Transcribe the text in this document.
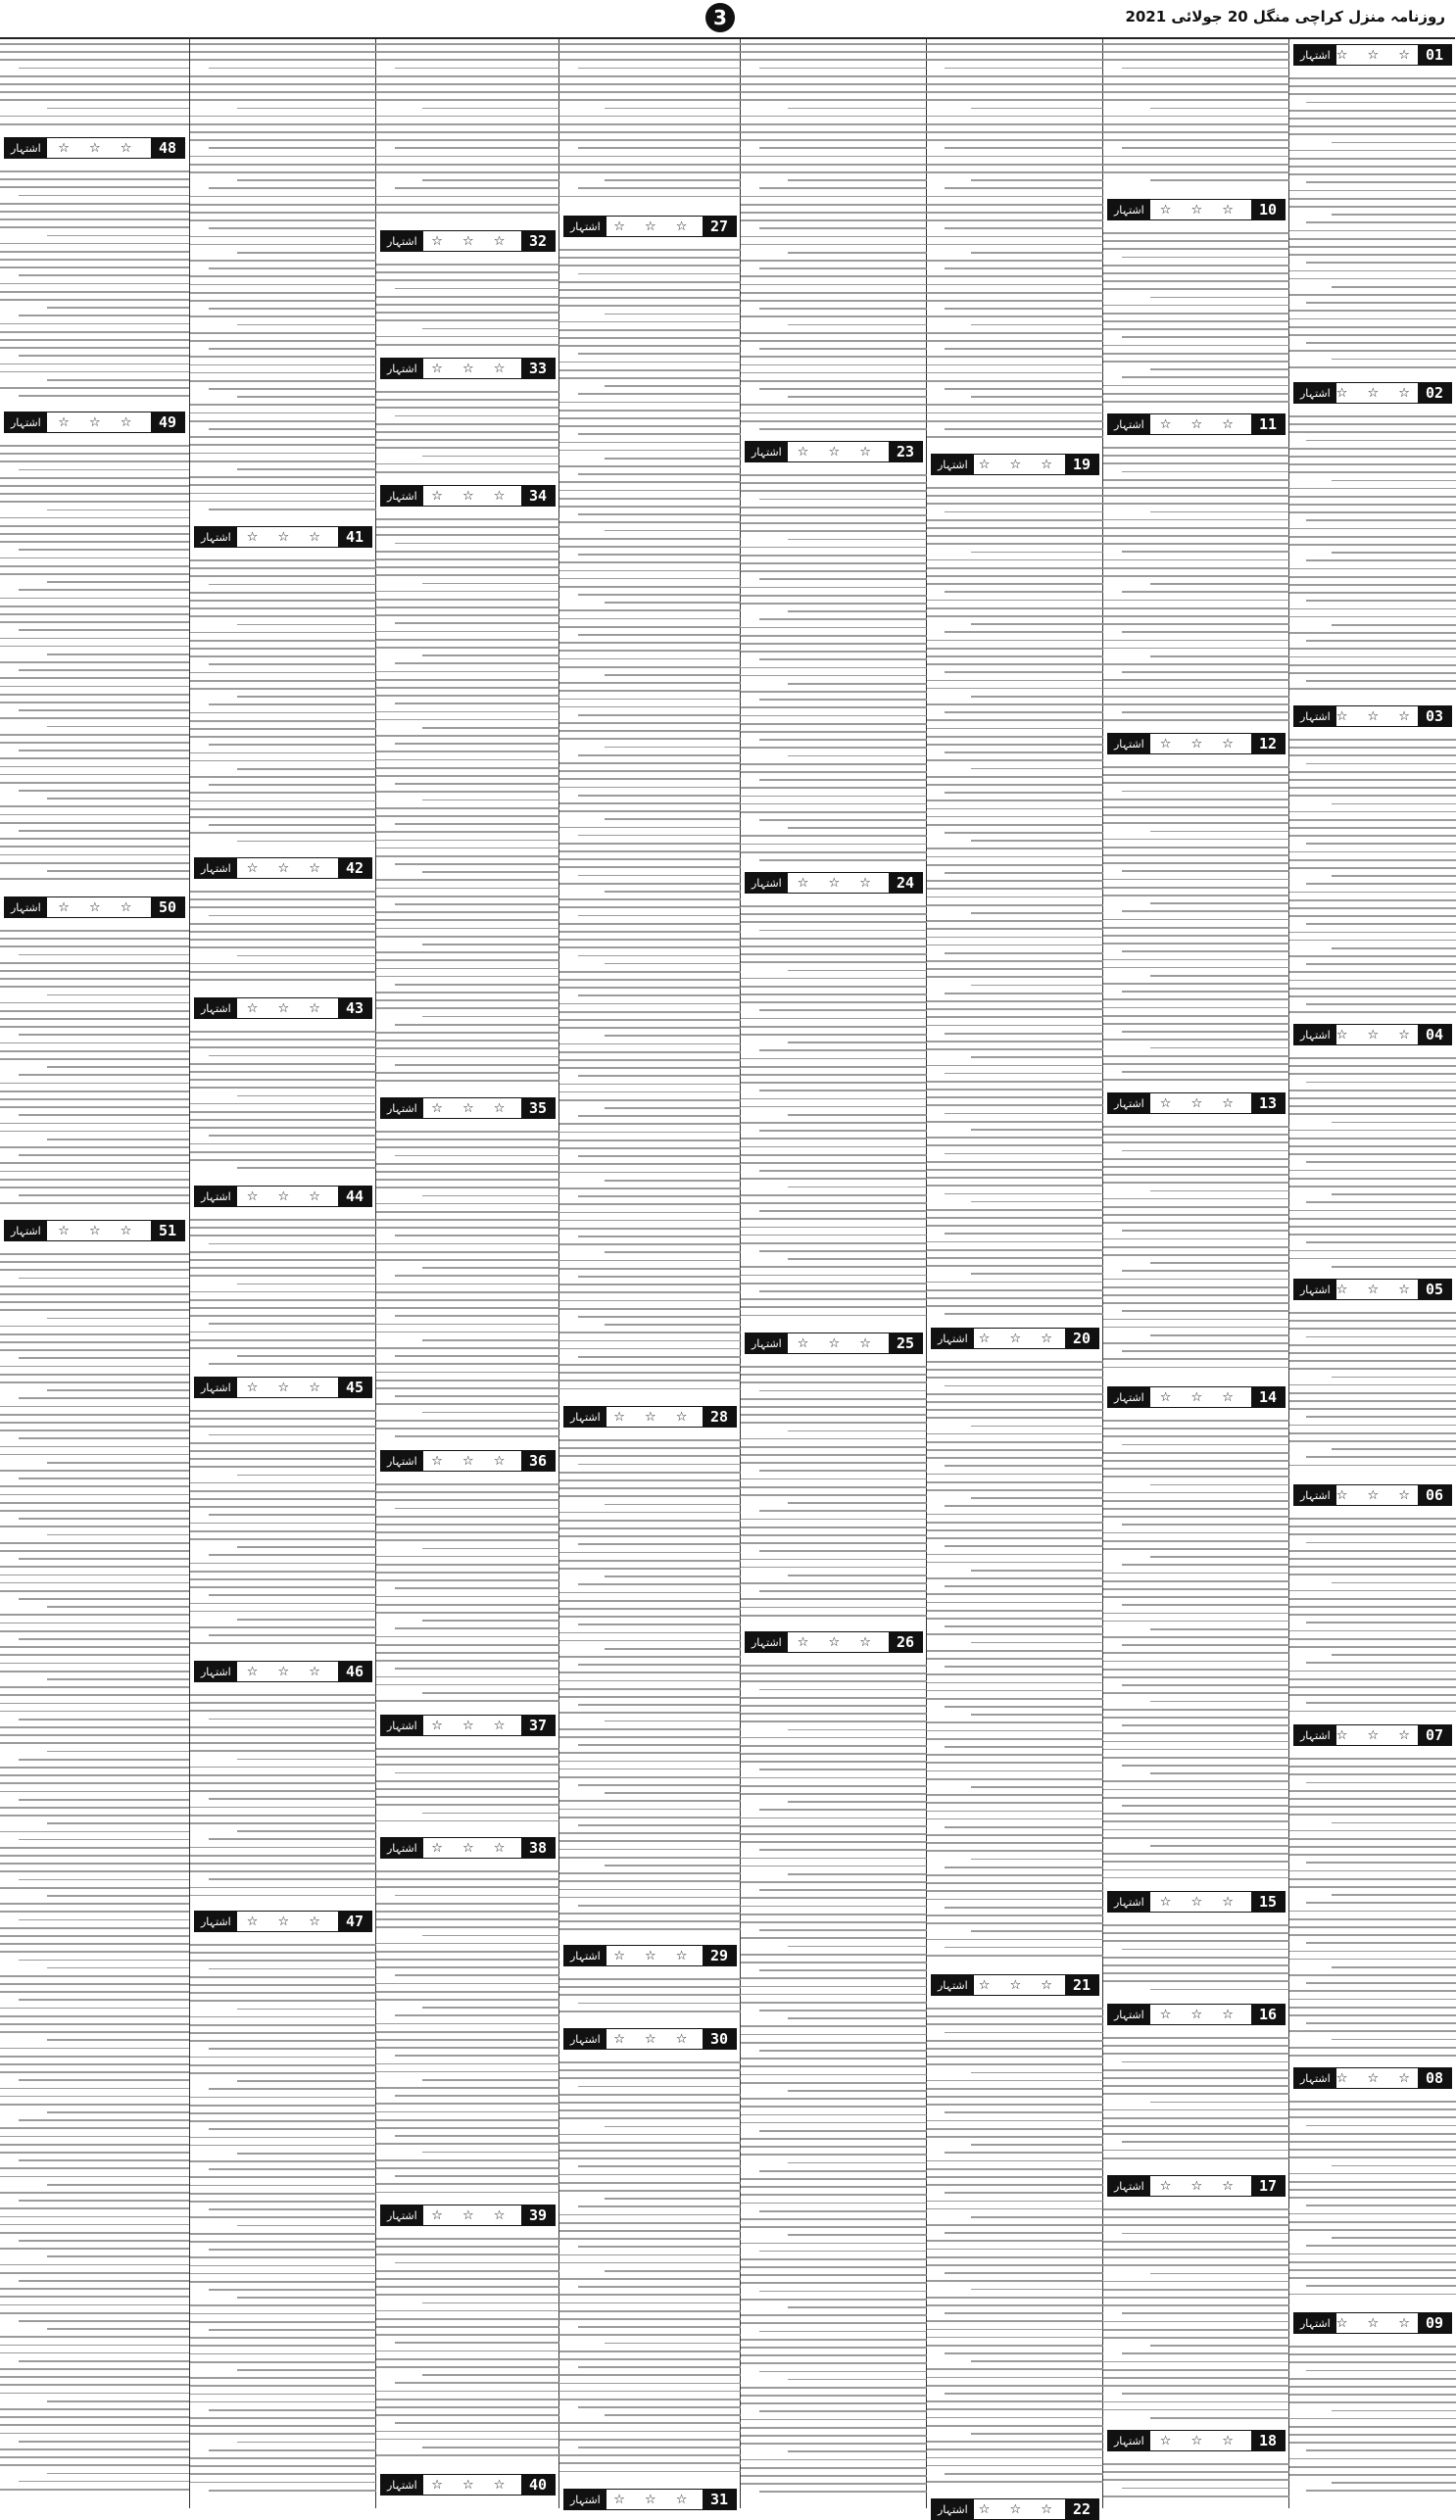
روزنامہ منزل کراچی منگل 20 جولائی 2021
3
01
☆ ☆ ☆
اشتہار
02
☆ ☆ ☆
اشتہار
03
☆ ☆ ☆
اشتہار
04
☆ ☆ ☆
اشتہار
05
☆ ☆ ☆
اشتہار
06
☆ ☆ ☆
اشتہار
07
☆ ☆ ☆
اشتہار
08
☆ ☆ ☆
اشتہار
09
☆ ☆ ☆
اشتہار
10
☆ ☆ ☆
اشتہار
11
☆ ☆ ☆
اشتہار
12
☆ ☆ ☆
اشتہار
13
☆ ☆ ☆
اشتہار
14
☆ ☆ ☆
اشتہار
15
☆ ☆ ☆
اشتہار
16
☆ ☆ ☆
اشتہار
17
☆ ☆ ☆
اشتہار
18
☆ ☆ ☆
اشتہار
19
☆ ☆ ☆
اشتہار
20
☆ ☆ ☆
اشتہار
21
☆ ☆ ☆
اشتہار
22
☆ ☆ ☆
اشتہار
23
☆ ☆ ☆
اشتہار
24
☆ ☆ ☆
اشتہار
25
☆ ☆ ☆
اشتہار
26
☆ ☆ ☆
اشتہار
27
☆ ☆ ☆
اشتہار
28
☆ ☆ ☆
اشتہار
29
☆ ☆ ☆
اشتہار
30
☆ ☆ ☆
اشتہار
31
☆ ☆ ☆
اشتہار
32
☆ ☆ ☆
اشتہار
33
☆ ☆ ☆
اشتہار
34
☆ ☆ ☆
اشتہار
35
☆ ☆ ☆
اشتہار
36
☆ ☆ ☆
اشتہار
37
☆ ☆ ☆
اشتہار
38
☆ ☆ ☆
اشتہار
39
☆ ☆ ☆
اشتہار
40
☆ ☆ ☆
اشتہار
41
☆ ☆ ☆
اشتہار
42
☆ ☆ ☆
اشتہار
43
☆ ☆ ☆
اشتہار
44
☆ ☆ ☆
اشتہار
45
☆ ☆ ☆
اشتہار
46
☆ ☆ ☆
اشتہار
47
☆ ☆ ☆
اشتہار
48
☆ ☆ ☆
اشتہار
49
☆ ☆ ☆
اشتہار
50
☆ ☆ ☆
اشتہار
51
☆ ☆ ☆
اشتہار
